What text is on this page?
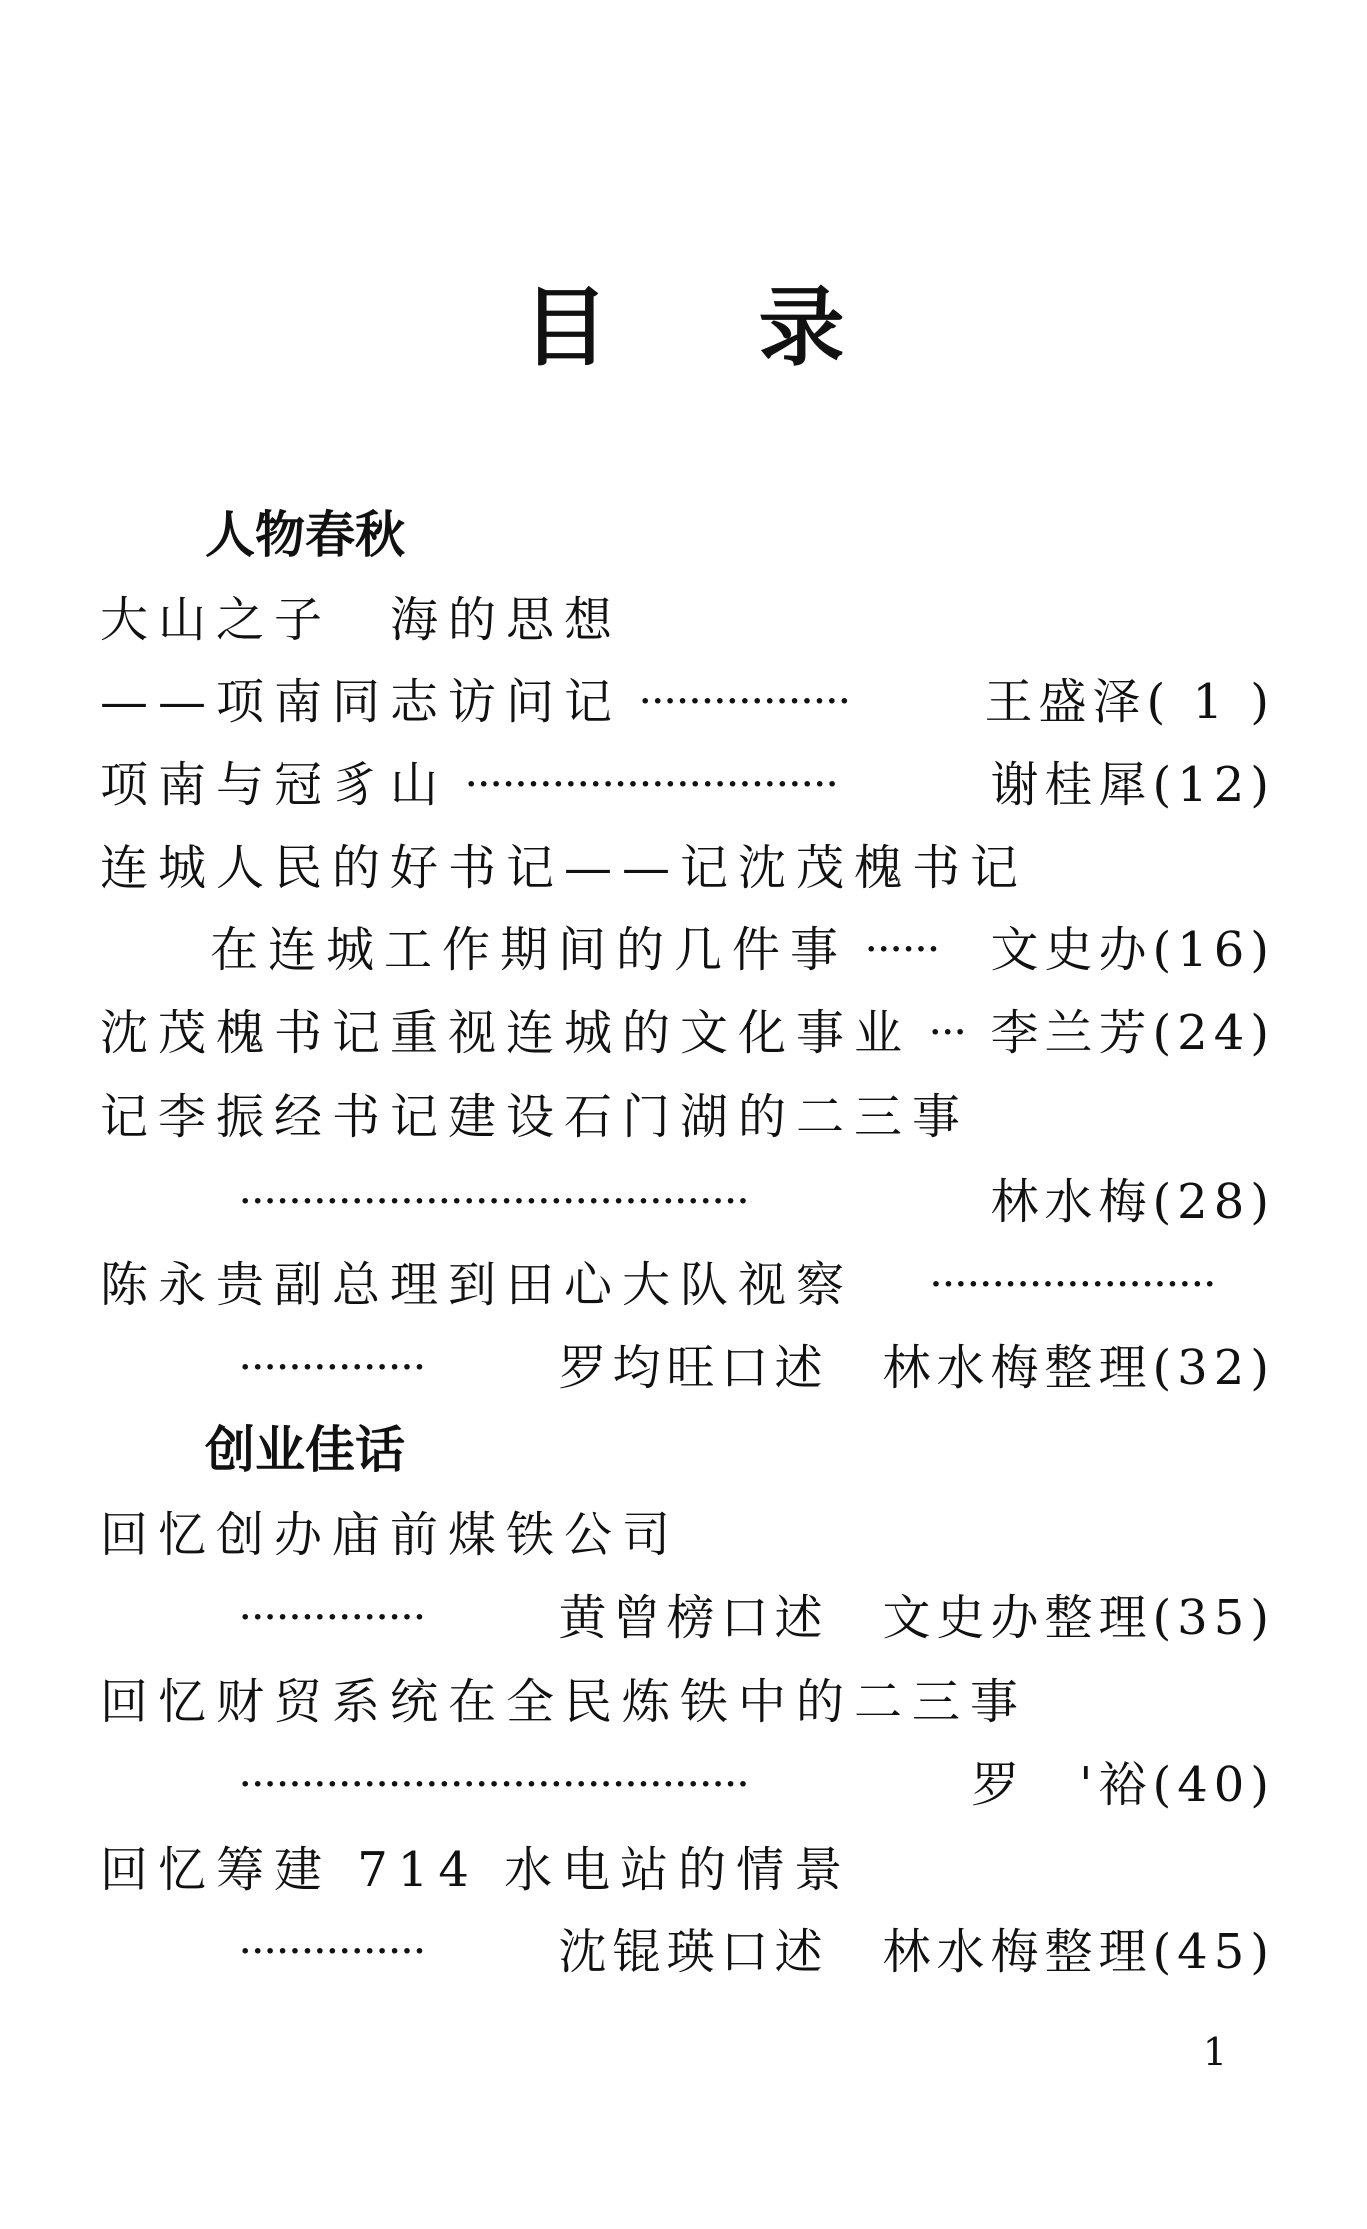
目 录
人物春秋
大山之子　海的思想
——项南同志访问记 ·················	王盛泽( 1 )
项南与冠豸山 ······························	谢桂犀(12)
连城人民的好书记——记沈茂槐书记
在连城工作期间的几件事 ······ 文史办(16)
沈茂槐书记重视连城的文化事业 ··· 李兰芳(24)
记李振经书记建设石门湖的二三事
·········································	林水梅(28)
陈永贵副总理到田心大队视察	·······················
···············	罗均旺口述　林水梅整理(32)
创业佳话
回忆创办庙前煤铁公司
···············	黄曾榜口述　文史办整理(35)
回忆财贸系统在全民炼铁中的二三事
·········································	罗　'裕(40)
回忆筹建 714 水电站的情景
···············	沈锟瑛口述　林水梅整理(45)
1
